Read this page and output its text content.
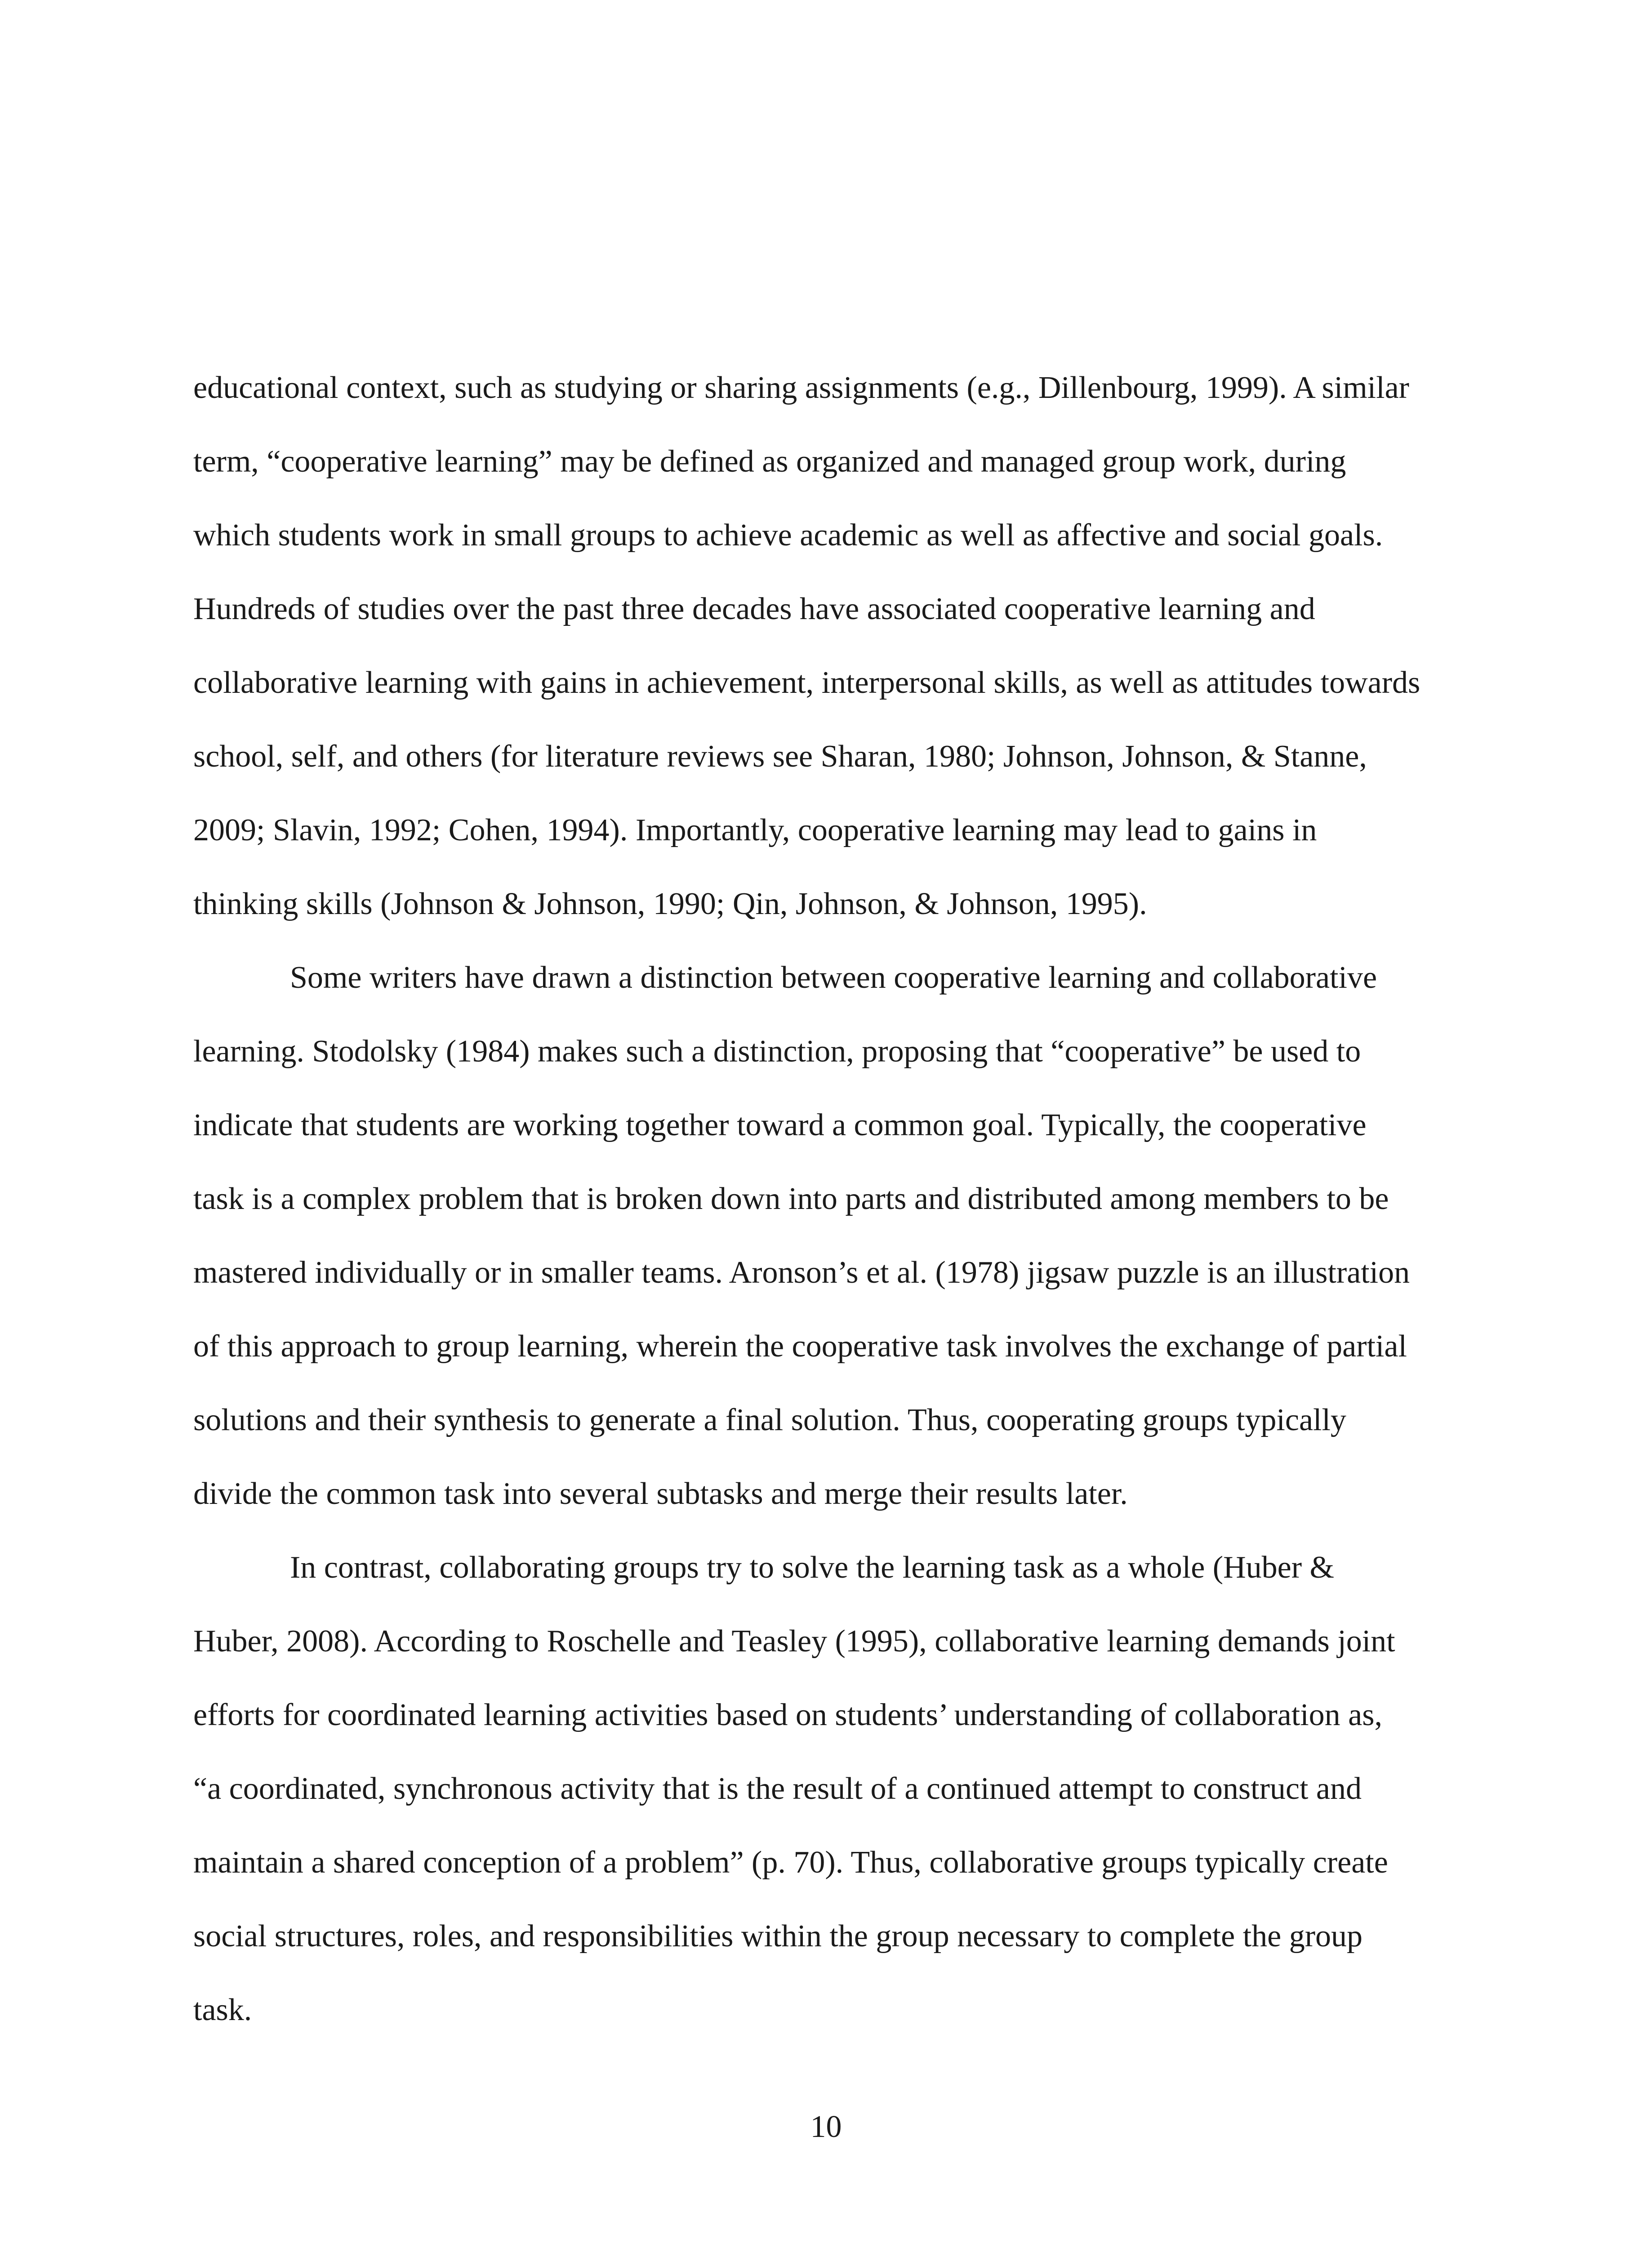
educational context, such as studying or sharing assignments (e.g., Dillenbourg, 1999). A similar
term, “cooperative learning” may be defined as organized and managed group work, during
which students work in small groups to achieve academic as well as affective and social goals.
Hundreds of studies over the past three decades have associated cooperative learning and
collaborative learning with gains in achievement, interpersonal skills, as well as attitudes towards
school, self, and others (for literature reviews see Sharan, 1980; Johnson, Johnson, & Stanne,
2009; Slavin, 1992; Cohen, 1994). Importantly, cooperative learning may lead to gains in
thinking skills (Johnson & Johnson, 1990; Qin, Johnson, & Johnson, 1995).
Some writers have drawn a distinction between cooperative learning and collaborative
learning. Stodolsky (1984) makes such a distinction, proposing that “cooperative” be used to
indicate that students are working together toward a common goal. Typically, the cooperative
task is a complex problem that is broken down into parts and distributed among members to be
mastered individually or in smaller teams. Aronson’s et al. (1978) jigsaw puzzle is an illustration
of this approach to group learning, wherein the cooperative task involves the exchange of partial
solutions and their synthesis to generate a final solution. Thus, cooperating groups typically
divide the common task into several subtasks and merge their results later.
In contrast, collaborating groups try to solve the learning task as a whole (Huber &
Huber, 2008). According to Roschelle and Teasley (1995), collaborative learning demands joint
efforts for coordinated learning activities based on students’ understanding of collaboration as,
“a coordinated, synchronous activity that is the result of a continued attempt to construct and
maintain a shared conception of a problem” (p. 70). Thus, collaborative groups typically create
social structures, roles, and responsibilities within the group necessary to complete the group
task.
10
